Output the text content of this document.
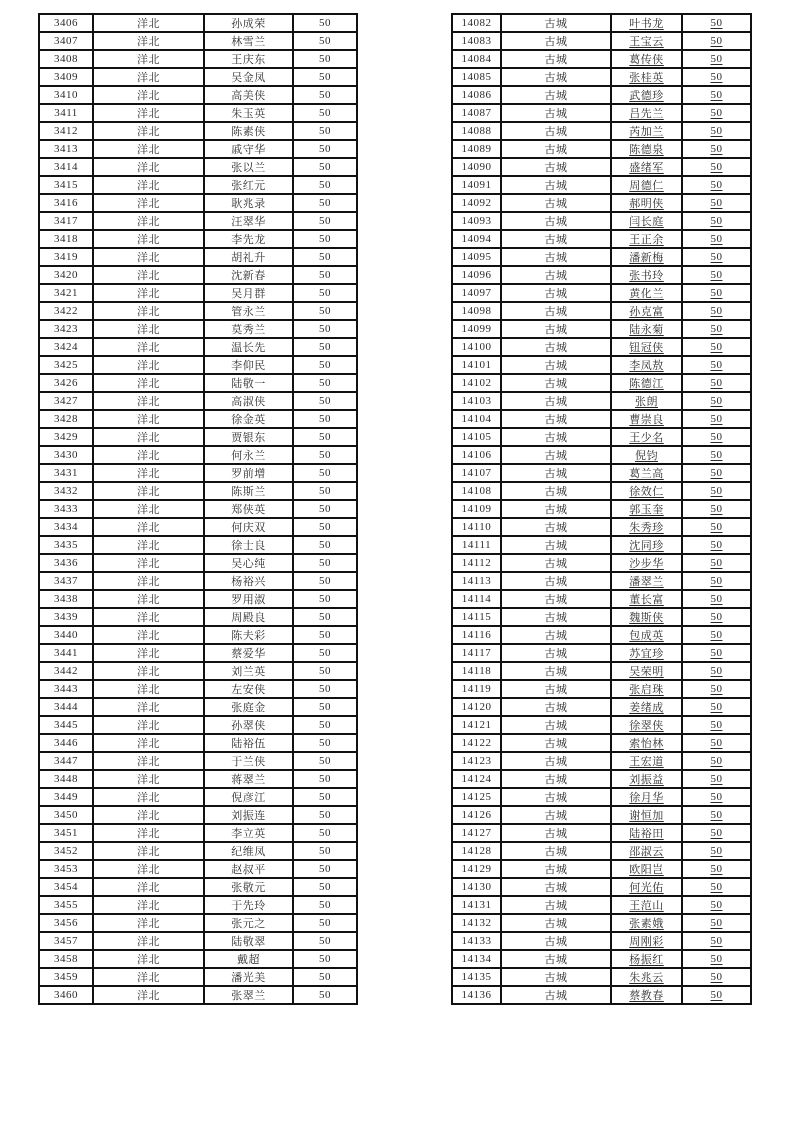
3406	洋北	孙成荣	50
3407	洋北	林雪兰	50
3408	洋北	王庆东	50
3409	洋北	吴金凤	50
3410	洋北	高美侠	50
3411	洋北	朱玉英	50
3412	洋北	陈素侠	50
3413	洋北	戚守华	50
3414	洋北	张以兰	50
3415	洋北	张红元	50
3416	洋北	耿兆录	50
3417	洋北	汪翠华	50
3418	洋北	李先龙	50
3419	洋北	胡礼升	50
3420	洋北	沈新春	50
3421	洋北	吴月群	50
3422	洋北	管永兰	50
3423	洋北	莫秀兰	50
3424	洋北	温长先	50
3425	洋北	李仰民	50
3426	洋北	陆敬一	50
3427	洋北	高淑侠	50
3428	洋北	徐金英	50
3429	洋北	贾银东	50
3430	洋北	何永兰	50
3431	洋北	罗前增	50
3432	洋北	陈斯兰	50
3433	洋北	郑侠英	50
3434	洋北	何庆双	50
3435	洋北	徐士良	50
3436	洋北	吴心纯	50
3437	洋北	杨裕兴	50
3438	洋北	罗用淑	50
3439	洋北	周殿良	50
3440	洋北	陈夫彩	50
3441	洋北	蔡爱华	50
3442	洋北	刘兰英	50
3443	洋北	左安侠	50
3444	洋北	张庭金	50
3445	洋北	孙翠侠	50
3446	洋北	陆裕伍	50
3447	洋北	于兰侠	50
3448	洋北	蒋翠兰	50
3449	洋北	倪彦江	50
3450	洋北	刘振连	50
3451	洋北	李立英	50
3452	洋北	纪维凤	50
3453	洋北	赵叔平	50
3454	洋北	张敬元	50
3455	洋北	于先玲	50
3456	洋北	张元之	50
3457	洋北	陆敬翠	50
3458	洋北	戴超	50
3459	洋北	潘光美	50
3460	洋北	张翠兰	50
14082	古城	叶书龙	50
14083	古城	王宝云	50
14084	古城	葛传侠	50
14085	古城	张桂英	50
14086	古城	武德珍	50
14087	古城	吕先兰	50
14088	古城	芮加兰	50
14089	古城	陈德泉	50
14090	古城	盛绪军	50
14091	古城	周德仁	50
14092	古城	郝明侠	50
14093	古城	闫长庭	50
14094	古城	王正余	50
14095	古城	潘新梅	50
14096	古城	张书玲	50
14097	古城	黄化兰	50
14098	古城	孙克富	50
14099	古城	陆永菊	50
14100	古城	钮冠侠	50
14101	古城	李凤敖	50
14102	古城	陈德江	50
14103	古城	张朗	50
14104	古城	曹崇良	50
14105	古城	王少名	50
14106	古城	倪钧	50
14107	古城	葛兰高	50
14108	古城	徐效仁	50
14109	古城	郭玉奎	50
14110	古城	朱秀珍	50
14111	古城	沈同珍	50
14112	古城	沙步华	50
14113	古城	潘翠兰	50
14114	古城	董长富	50
14115	古城	魏斯侠	50
14116	古城	包成英	50
14117	古城	苏宜珍	50
14118	古城	吴荣明	50
14119	古城	张启珠	50
14120	古城	姜绪成	50
14121	古城	徐翠侠	50
14122	古城	索怡林	50
14123	古城	王宏道	50
14124	古城	刘振益	50
14125	古城	徐月华	50
14126	古城	谢恒加	50
14127	古城	陆裕田	50
14128	古城	邵淑云	50
14129	古城	欧阳岂	50
14130	古城	何光佑	50
14131	古城	王范山	50
14132	古城	张素娥	50
14133	古城	周刚彩	50
14134	古城	杨振红	50
14135	古城	朱兆云	50
14136	古城	蔡教春	50
